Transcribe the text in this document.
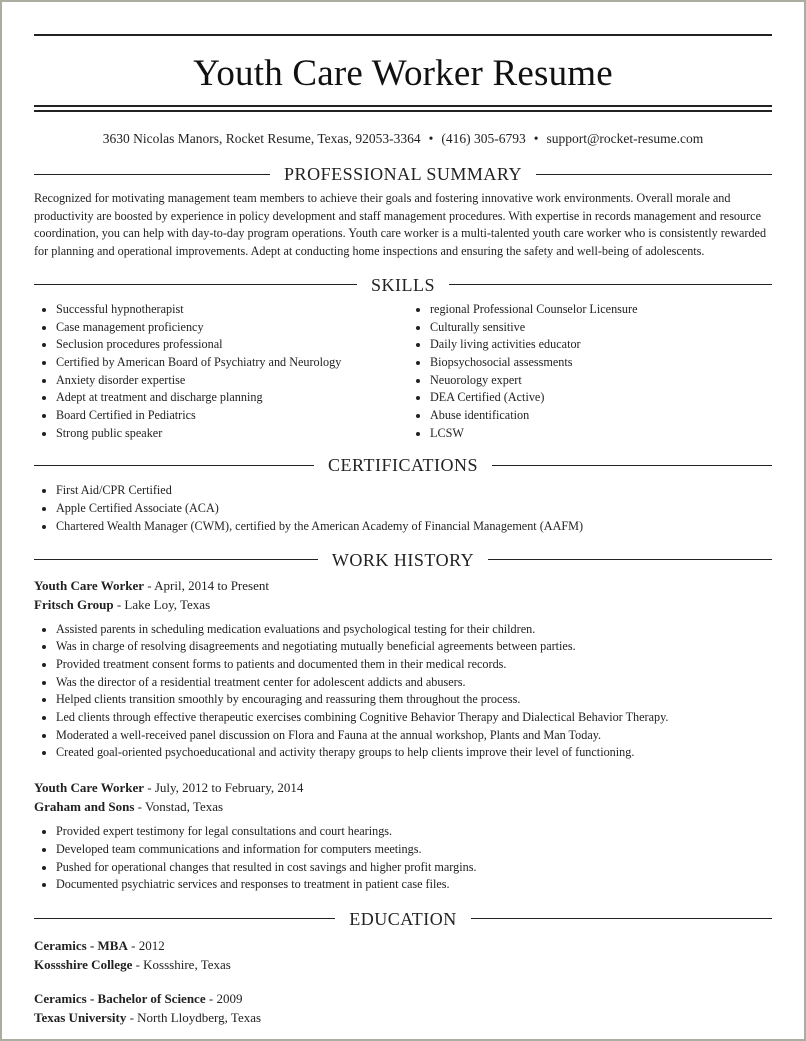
Youth Care Worker Resume
3630 Nicolas Manors, Rocket Resume, Texas, 92053-3364 • (416) 305-6793 • support@rocket-resume.com
PROFESSIONAL SUMMARY

Recognized for motivating management team members to achieve their goals and fostering innovative work environments. Overall morale and productivity are boosted by experience in policy development and staff management procedures. With expertise in records management and resource coordination, you can help with day-to-day program operations. Youth care worker is a multi-talented youth care worker who is consistently rewarded for planning and operational improvements. Adept at conducting home inspections and ensuring the safety and well-being of adolescents.

SKILLS
Successful hypnotherapist
Case management proficiency
Seclusion procedures professional
Certified by American Board of Psychiatry and Neurology
Anxiety disorder expertise
Adept at treatment and discharge planning
Board Certified in Pediatrics
Strong public speaker
regional Professional Counselor Licensure
Culturally sensitive
Daily living activities educator
Biopsychosocial assessments
Neuorology expert
DEA Certified (Active)
Abuse identification
LCSW
CERTIFICATIONS
First Aid/CPR Certified
Apple Certified Associate (ACA)
Chartered Wealth Manager (CWM), certified by the American Academy of Financial Management (AAFM)
WORK HISTORY
Youth Care Worker - April, 2014 to Present
Fritsch Group - Lake Loy, Texas
Assisted parents in scheduling medication evaluations and psychological testing for their children.
Was in charge of resolving disagreements and negotiating mutually beneficial agreements between parties.
Provided treatment consent forms to patients and documented them in their medical records.
Was the director of a residential treatment center for adolescent addicts and abusers.
Helped clients transition smoothly by encouraging and reassuring them throughout the process.
Led clients through effective therapeutic exercises combining Cognitive Behavior Therapy and Dialectical Behavior Therapy.
Moderated a well-received panel discussion on Flora and Fauna at the annual workshop, Plants and Man Today.
Created goal-oriented psychoeducational and activity therapy groups to help clients improve their level of functioning.
Youth Care Worker - July, 2012 to February, 2014
Graham and Sons - Vonstad, Texas
Provided expert testimony for legal consultations and court hearings.
Developed team communications and information for computers meetings.
Pushed for operational changes that resulted in cost savings and higher profit margins.
Documented psychiatric services and responses to treatment in patient case files.
EDUCATION
Ceramics - MBA - 2012
Kossshire College - Kossshire, Texas
Ceramics - Bachelor of Science - 2009
Texas University - North Lloydberg, Texas
